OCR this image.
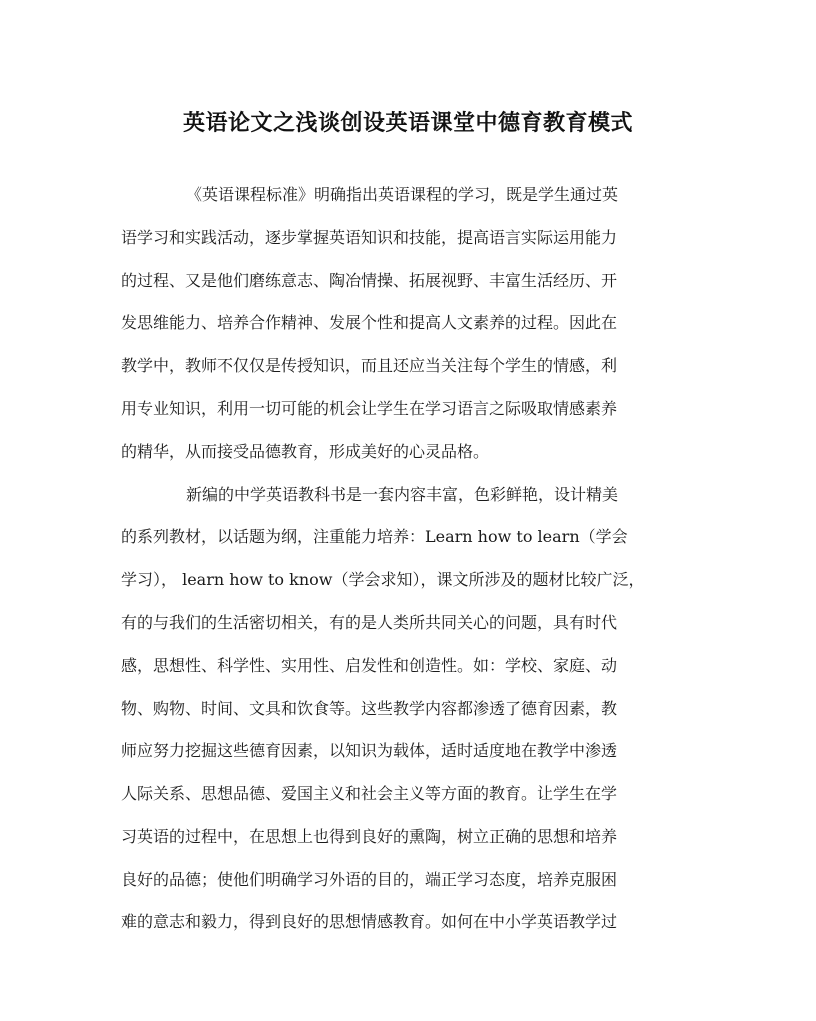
英语论文之浅谈创设英语课堂中德育教育模式
《英语课程标准》明确指出英语课程的学习，既是学生通过英
语学习和实践活动，逐步掌握英语知识和技能，提高语言实际运用能力
的过程、又是他们磨练意志、陶冶情操、拓展视野、丰富生活经历、开
发思维能力、培养合作精神、发展个性和提高人文素养的过程。因此在
教学中，教师不仅仅是传授知识，而且还应当关注每个学生的情感，利
用专业知识，利用一切可能的机会让学生在学习语言之际吸取情感素养
的精华，从而接受品德教育，形成美好的心灵品格。
新编的中学英语教科书是一套内容丰富，色彩鲜艳，设计精美
的系列教材，以话题为纲，注重能力培养：Learn how to learn（学会
学习）， learn how to know（学会求知），课文所涉及的题材比较广泛，
有的与我们的生活密切相关，有的是人类所共同关心的问题，具有时代
感，思想性、科学性、实用性、启发性和创造性。如：学校、家庭、动
物、购物、时间、文具和饮食等。这些教学内容都渗透了德育因素，教
师应努力挖掘这些德育因素，以知识为载体，适时适度地在教学中渗透
人际关系、思想品德、爱国主义和社会主义等方面的教育。让学生在学
习英语的过程中，在思想上也得到良好的熏陶，树立正确的思想和培养
良好的品德；使他们明确学习外语的目的，端正学习态度，培养克服困
难的意志和毅力，得到良好的思想情感教育。如何在中小学英语教学过
